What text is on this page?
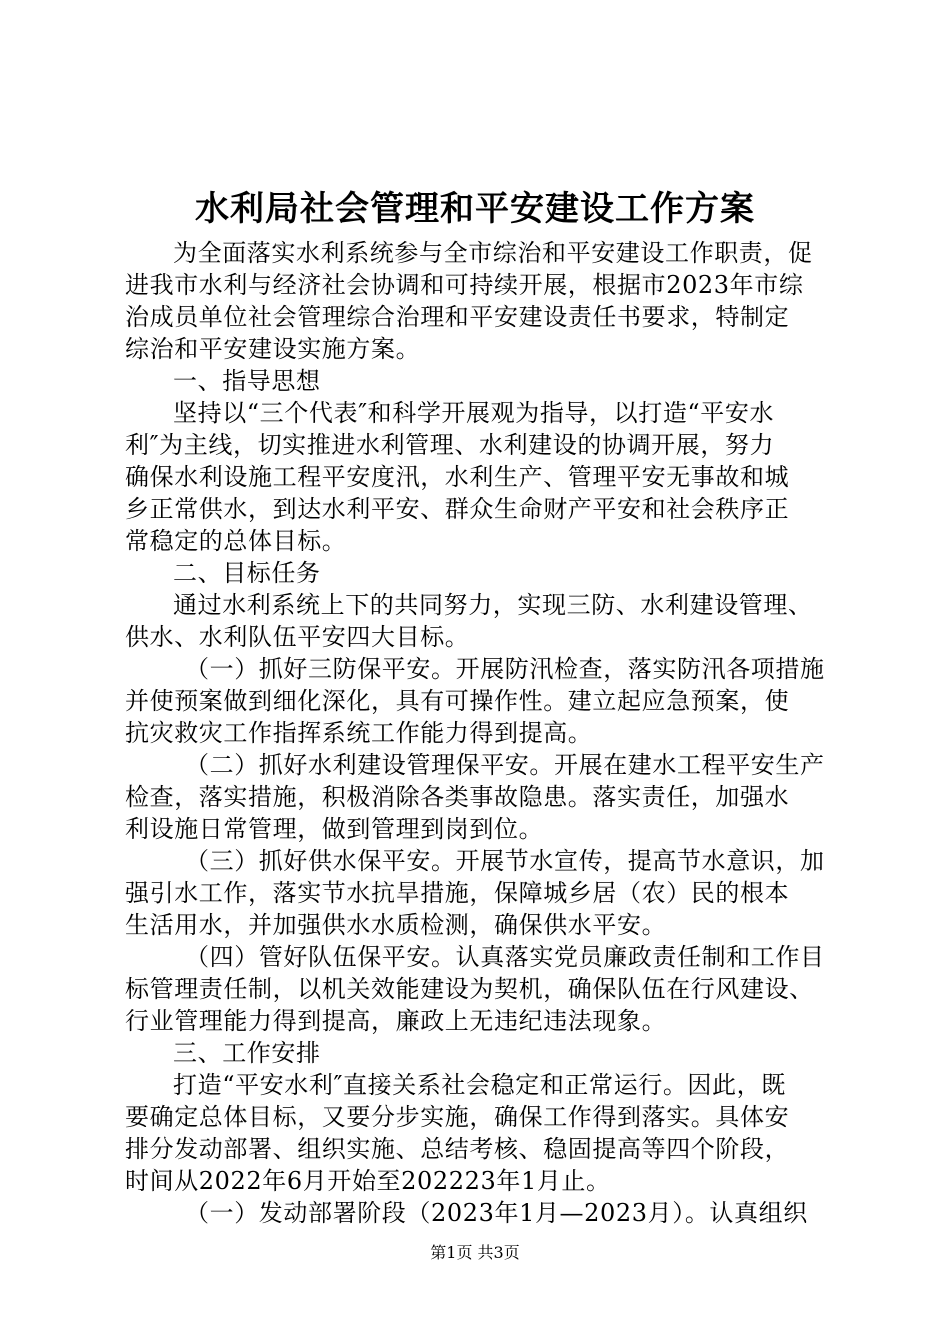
水利局社会管理和平安建设工作方案
为全面落实水利系统参与全市综治和平安建设工作职责，促
进我市水利与经济社会协调和可持续开展，根据市2023年市综
治成员单位社会管理综合治理和平安建设责任书要求，特制定
综治和平安建设实施方案。
一、指导思想
坚持以“三个代表″和科学开展观为指导，以打造“平安水
利″为主线，切实推进水利管理、水利建设的协调开展，努力
确保水利设施工程平安度汛，水利生产、管理平安无事故和城
乡正常供水，到达水利平安、群众生命财产平安和社会秩序正
常稳定的总体目标。
二、目标任务
通过水利系统上下的共同努力，实现三防、水利建设管理、
供水、水利队伍平安四大目标。
（一）抓好三防保平安。开展防汛检查，落实防汛各项措施
并使预案做到细化深化，具有可操作性。建立起应急预案，使
抗灾救灾工作指挥系统工作能力得到提高。
（二）抓好水利建设管理保平安。开展在建水工程平安生产
检查，落实措施，积极消除各类事故隐患。落实责任，加强水
利设施日常管理，做到管理到岗到位。
（三）抓好供水保平安。开展节水宣传，提高节水意识，加
强引水工作，落实节水抗旱措施，保障城乡居（农）民的根本
生活用水，并加强供水水质检测，确保供水平安。
（四）管好队伍保平安。认真落实党员廉政责任制和工作目
标管理责任制，以机关效能建设为契机，确保队伍在行风建设、
行业管理能力得到提高，廉政上无违纪违法现象。
三、工作安排
打造“平安水利″直接关系社会稳定和正常运行。因此，既
要确定总体目标，又要分步实施，确保工作得到落实。具体安
排分发动部署、组织实施、总结考核、稳固提高等四个阶段，
时间从2022年6月开始至202223年1月止。
（一）发动部署阶段（2023年1月—2023月）。认真组织
第1页 共3页
